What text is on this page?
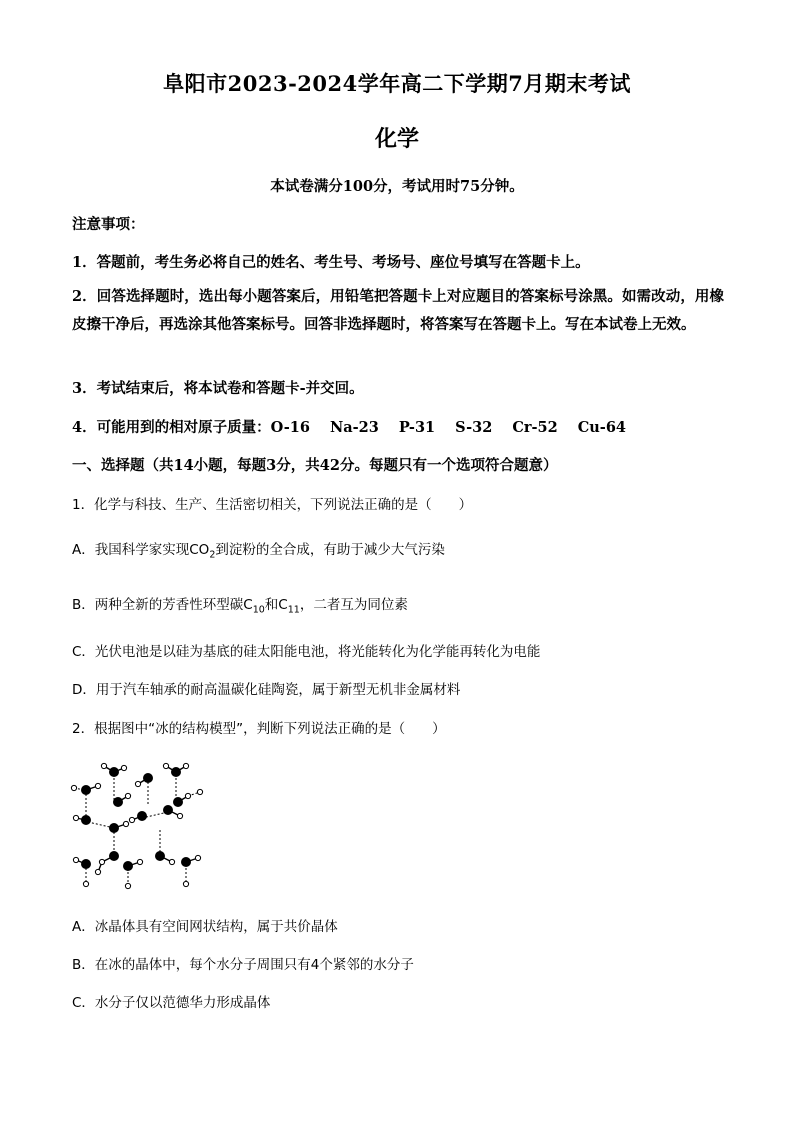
阜阳市2023-2024学年高二下学期7月期末考试
化学
本试卷满分100分，考试用时75分钟。
注意事项：
1．答题前，考生务必将自己的姓名、考生号、考场号、座位号填写在答题卡上。
2．回答选择题时，选出每小题答案后，用铅笔把答题卡上对应题目的答案标号涂黑。如需改动，用橡皮擦干净后，再选涂其他答案标号。回答非选择题时，将答案写在答题卡上。写在本试卷上无效。
3．考试结束后，将本试卷和答题卡-并交回。
4．可能用到的相对原子质量：O-16 Na-23 P-31 S-32 Cr-52 Cu-64
一、选择题（共14小题，每题3分，共42分。每题只有一个选项符合题意）
1．化学与科技、生产、生活密切相关，下列说法正确的是（　　）
A．我国科学家实现$CO_2$到淀粉的全合成，有助于减少大气污染
B．两种全新的芳香性环型碳$C_{10}$和$C_{11}$，二者互为同位素
C．光伏电池是以硅为基底的硅太阳能电池，将光能转化为化学能再转化为电能
D．用于汽车轴承的耐高温碳化硅陶瓷，属于新型无机非金属材料
2．根据图中“冰的结构模型”，判断下列说法正确的是（　　）
A．冰晶体具有空间网状结构，属于共价晶体
B．在冰的晶体中，每个水分子周围只有4个紧邻的水分子
C．水分子仅以范德华力形成晶体
